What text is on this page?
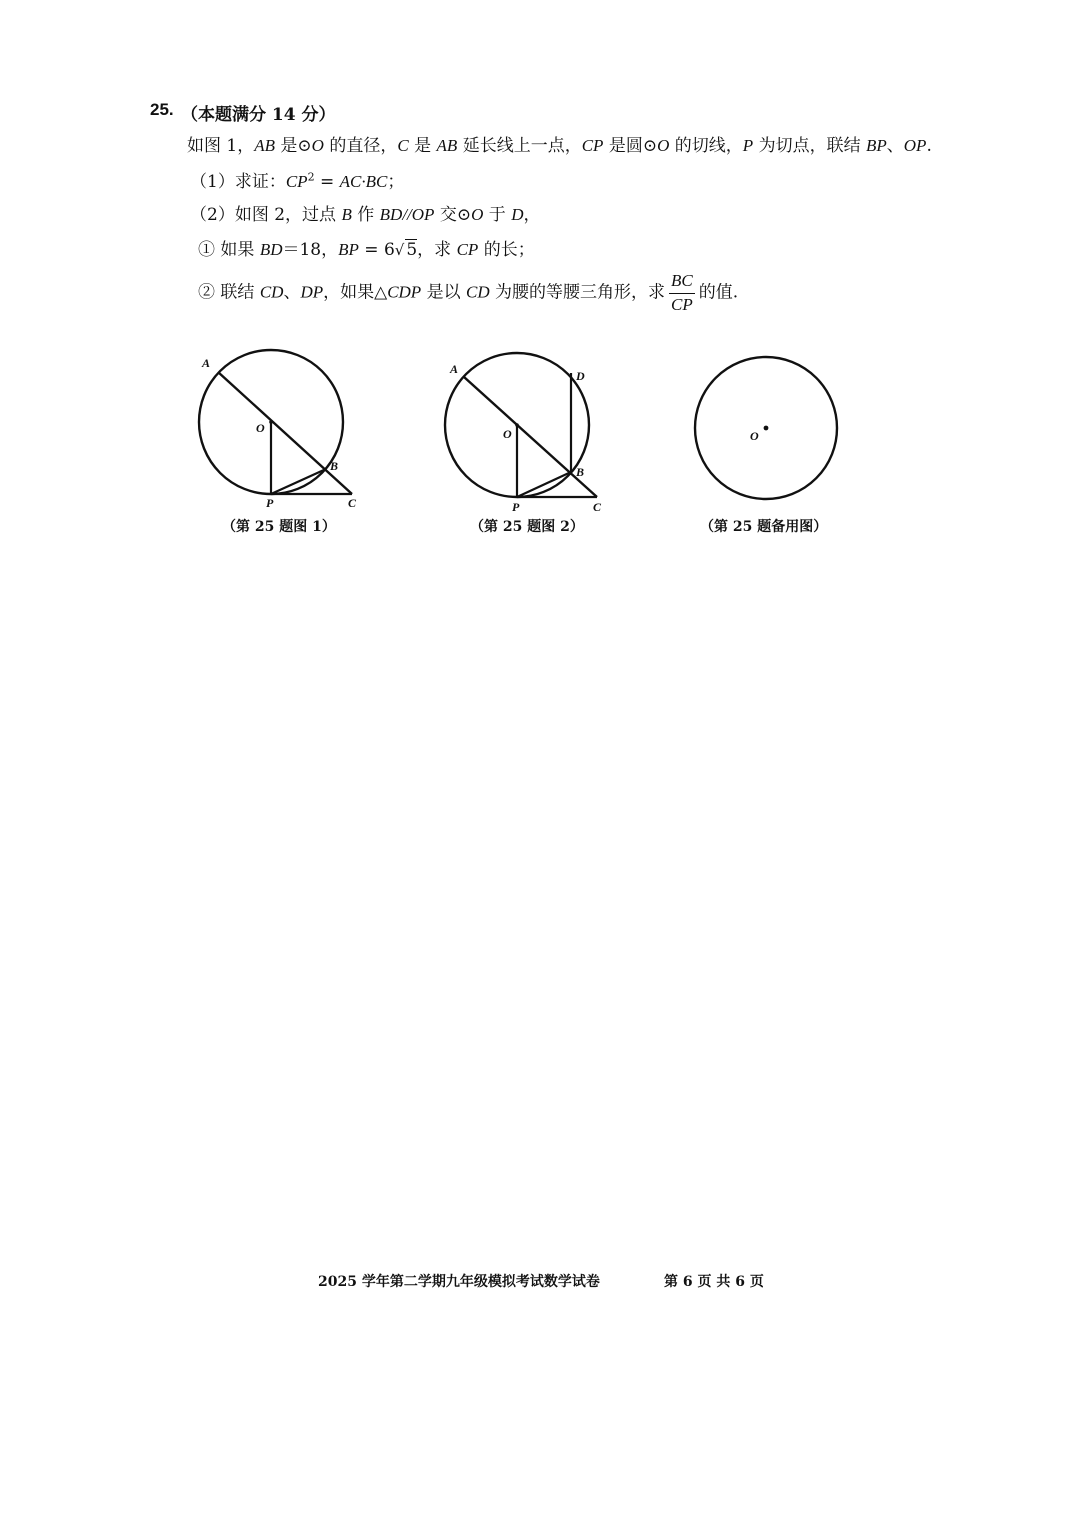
25. （本题满分 14 分）
如图 1，AB 是⊙O 的直径，C 是 AB 延长线上一点，CP 是圆⊙O 的切线，P 为切点，联结 BP、OP.
（1）求证：$CP^2 = AC\cdot BC$；
（2）如图 2，过点 B 作 BD//OP 交⊙O 于 D，
① 如果 BD＝18，BP = 6√ 5，求 CP 的长；
② 联结 CD、DP，如果△CDP 是以 CD 为腰的等腰三角形，求 $\frac{BC}{CP}$ 的值.
A
O
B
P	C
（第 25 题图 1）
A
O
B
P	C
D
（第 25 题图 2）
O
（第 25 题备用图）
2025 学年第二学期九年级模拟考试数学试卷	第 6 页 共 6 页
